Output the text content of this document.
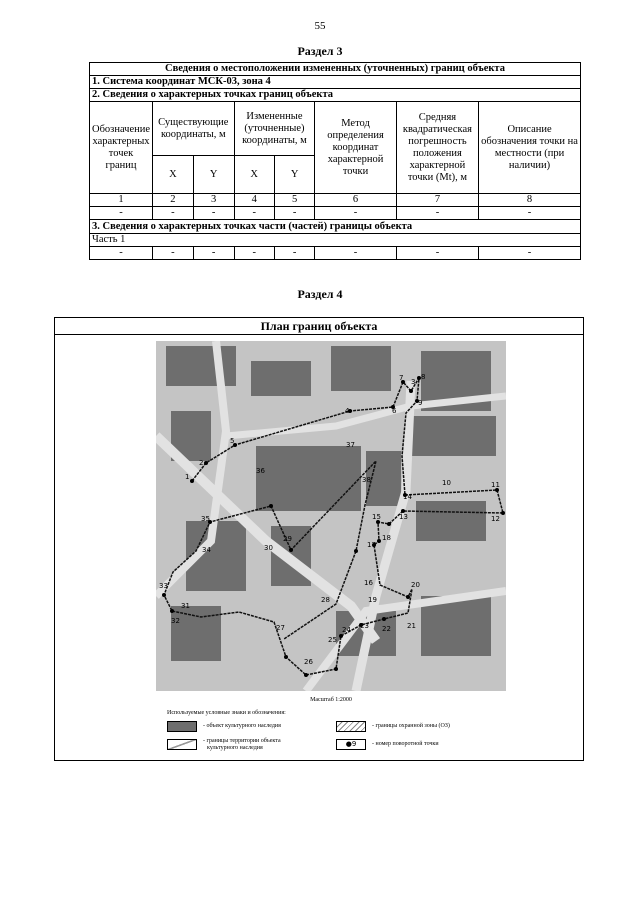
55
Раздел 3
Сведения о местоположении измененных (уточненных) границ объекта							
1. Система координат МСК-03, зона 4							
2. Сведения о характерных точках границ объекта							
Обозначение характерных точек границ	Существующие координаты, м		Измененные (уточненные) координаты, м		Метод определения координат характерной точки	Средняя квадратическая погрешность положения характерной точки (Мt), м	Описание обозначения точки на местности (при наличии)
	X	Y	X	Y			
1	2	3	4	5	6	7	8
-	-	-	-	-	-	-	-
3. Сведения о характерных точках части (частей) границы объекта							
Часть 1							
-	-	-	-	-	-	-	-
Раздел 4
План границ объекта
1
2
3
4
5
6
7	8
9
10	11
12
13
14
15
16
17
18
19
20
21
22
23
24
25
26
27
28
29
30
31
32
33
34
35
36
37
38
Масштаб 1:2000
Используемые условные знаки и обозначения:
- объект культурного наследия	- границы охранной зоны (ОЗ)
- границы территории объекта
культурного наследия	●9	- номер поворотной точки
